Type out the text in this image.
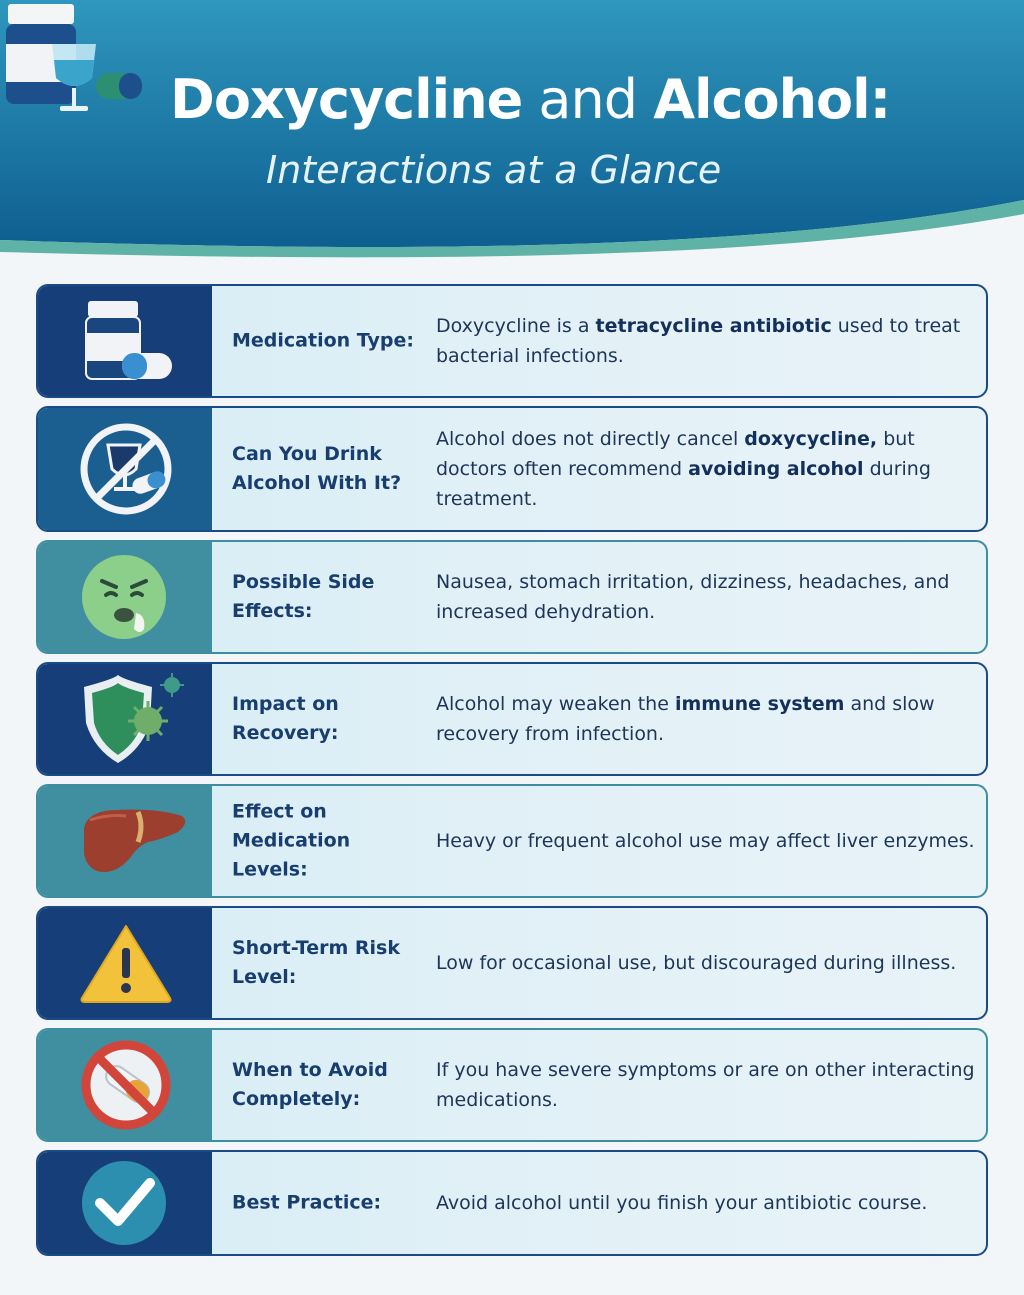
Doxycycline and Alcohol:
Interactions at a Glance
Medication Type:
Doxycycline is a tetracycline antibiotic used to treat bacterial infections.
Can You Drink Alcohol With It?
Alcohol does not directly cancel doxycycline, but doctors often recommend avoiding alcohol during treatment.
Possible Side Effects:
Nausea, stomach irritation, dizziness, headaches, and increased dehydration.
Impact on Recovery:
Alcohol may weaken the immune system and slow recovery from infection.
Effect on Medication Levels:
Heavy or frequent alcohol use may affect liver enzymes.
Short-Term Risk Level:
Low for occasional use, but discouraged during illness.
When to Avoid Completely:
If you have severe symptoms or are on other interacting medications.
Best Practice:	Avoid alcohol until you finish your antibiotic course.
